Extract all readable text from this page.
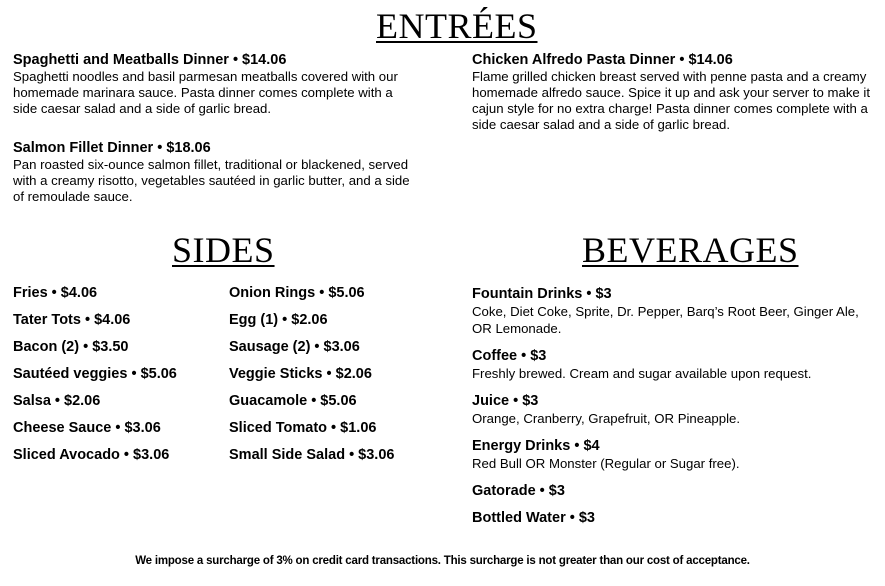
ENTRÉES
Spaghetti and Meatballs Dinner • $14.06
Spaghetti noodles and basil parmesan meatballs covered with our homemade marinara sauce. Pasta dinner comes complete with a side caesar salad and a side of garlic bread.
Chicken Alfredo Pasta Dinner • $14.06
Flame grilled chicken breast served with penne pasta and a creamy homemade alfredo sauce. Spice it up and ask your server to make it cajun style for no extra charge! Pasta dinner comes complete with a side caesar salad and a side of garlic bread.
Salmon Fillet Dinner • $18.06
Pan roasted six-ounce salmon fillet, traditional or blackened, served with a creamy risotto, vegetables sautéed in garlic butter, and a side of remoulade sauce.
SIDES
Fries • $4.06
Tater Tots • $4.06
Bacon (2) • $3.50
Sautéed veggies • $5.06
Salsa • $2.06
Cheese Sauce • $3.06
Sliced Avocado • $3.06
Onion Rings • $5.06
Egg (1) • $2.06
Sausage (2) • $3.06
Veggie Sticks • $2.06
Guacamole • $5.06
Sliced Tomato • $1.06
Small Side Salad • $3.06
BEVERAGES
Fountain Drinks • $3
Coke, Diet Coke, Sprite, Dr. Pepper, Barq’s Root Beer, Ginger Ale, OR Lemonade.
Coffee • $3
Freshly brewed. Cream and sugar available upon request.
Juice • $3
Orange, Cranberry, Grapefruit, OR Pineapple.
Energy Drinks • $4
Red Bull OR Monster (Regular or Sugar free).
Gatorade • $3
Bottled Water • $3
We impose a surcharge of 3% on credit card transactions. This surcharge is not greater than our cost of acceptance.
